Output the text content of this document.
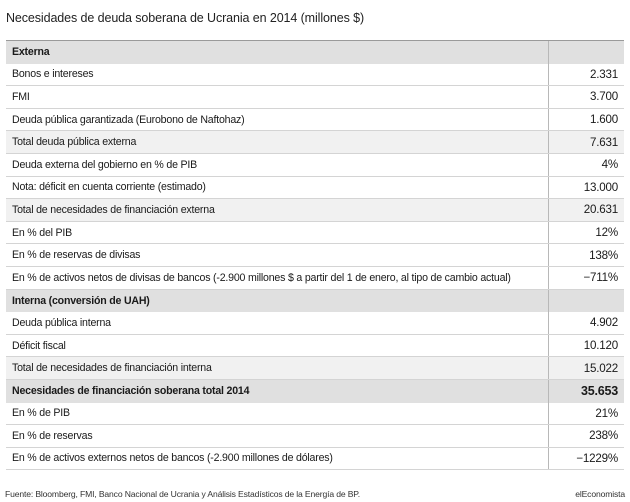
Necesidades de deuda soberana de Ucrania en 2014 (millones $)
Externa
Bonos e intereses	2.331
FMI	3.700
Deuda pública garantizada (Eurobono de Naftohaz)	1.600
Total deuda pública externa	7.631
Deuda externa del gobierno en % de PIB	4%
Nota: déficit en cuenta corriente (estimado)	13.000
Total de necesidades de financiación externa	20.631
En % del PIB	12%
En % de reservas de divisas	138%
En % de activos netos de divisas de bancos (-2.900 millones $ a partir del 1 de enero, al tipo de cambio actual)	−711%
Interna (conversión de UAH)
Deuda pública interna	4.902
Déficit fiscal	10.120
Total de necesidades de financiación interna	15.022
Necesidades de financiación soberana total 2014	35.653
En % de PIB	21%
En % de reservas	238%
En % de activos externos netos de bancos (-2.900 millones de dólares)	−1229%
Fuente: Bloomberg, FMI, Banco Nacional de Ucrania y Análisis Estadísticos de la Energía de BP.	elEconomista
